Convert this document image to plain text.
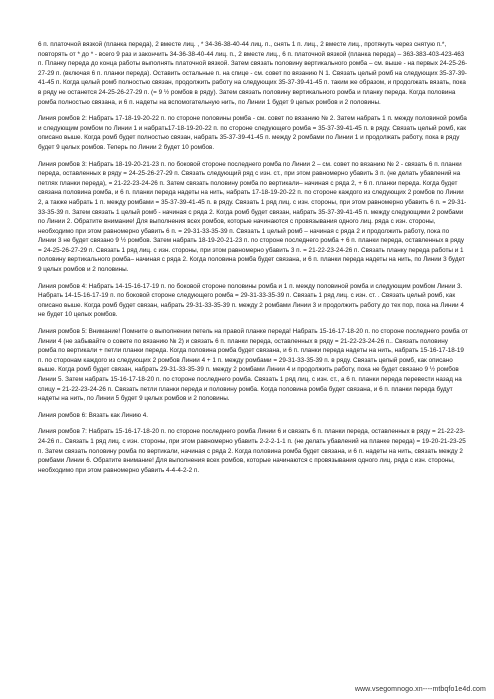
6 п. платочной вязкой (планка переда), 2 вместе лиц. , * 34-36-38-40-44 лиц. п., снять 1 п. лиц., 2 вместе лиц., протянуть через снятую п.*, повторять от * до * - всего 9 раз и закончить 34-36-38-40-44 лиц. п., 2 вместе лиц., 6 п. платочной вязкой (планка переда) – 363-383-403-423-463 п. Планку переда до конца работы выполнять платочной вязкой. Затем связать половину вертикального ромба – см. выше - на первых 24-25-26-27-29 п. (включая 6 п. планки переда). Оставить остальные п. на спице - см. совет по вязанию N 1. Связать целый ромб на следующих 35-37-39-41-45 п. Когда целый ромб полностью связан, продолжить работу на следующих 35-37-39-41-45 п. таким же образом, и продолжать вязать, пока в ряду не останется 24-25-26-27-29 п. (= 9 ½ ромбов в ряду). Затем связать половину вертикального ромба и планку переда. Когда половина ромба полностью связана, и 6 п. надеты на вспомогательную нить, по Линии 1 будет 9 целых ромбов и 2 половины.

Линия ромбов 2: Набрать 17-18-19-20-22 п. по стороне половины ромба - см. совет по вязанию № 2. Затем набрать 1 п. между половиной ромба и следующим ромбом по Линии 1 и набрать17-18-19-20-22 п. по стороне следующего ромба = 35-37-39-41-45 п. в ряду. Связать целый ромб, как описано выше. Когда ромб будет полностью связан, набрать 35-37-39-41-45 п. между 2 ромбами по Линии 1 и продолжать работу, пока в ряду будет 9 целых ромбов. Теперь по Линии 2 будет 10 ромбов.

Линия ромбов 3: Набрать 18-19-20-21-23 п. по боковой стороне последнего ромба по Линии 2 – см. совет по вязанию № 2 - связать 6 п. планки переда, оставленных в ряду = 24-25-26-27-29 п. Связать следующий ряд с изн. ст., при этом равномерно убавить 3 п. (не делать убавлений на петлях планки переда), = 21-22-23-24-26 п. Затем связать половину ромба по вертикали– начиная с ряда 2, + 6 п. планки переда. Когда будет связана половина ромба, и 6 п. планки переда надеты на нить, набрать 17-18-19-20-22 п. по стороне каждого из следующих 2 ромбов по Линии 2, а также набрать 1 п. между ромбами = 35-37-39-41-45 п. в ряду. Связать 1 ряд лиц. с изн. стороны, при этом равномерно убавить 6 п. = 29-31-33-35-39 п. Затем связать 1 целый ромб - начиная с ряда 2. Когда ромб будет связан, набрать 35-37-39-41-45 п. между следующими 2 ромбами по Линии 2. Обратите внимание! Для выполнения всех ромбов, которые начинаются с провязывания одного лиц. ряда с изн. стороны, необходимо при этом равномерно убавить 6 п. = 29-31-33-35-39 п. Связать 1 целый ромб – начиная с ряда 2 и продолжить работу, пока по Линии 3 не будет связано 9 ½ ромбов. Затем набрать 18-19-20-21-23 п. по стороне последнего ромба + 6 п. планки переда, оставленных в ряду = 24-25-26-27-29 п. Связать 1 ряд лиц. с изн. стороны, при этом равномерно убавить 3 п. = 21-22-23-24-26 п. Связать планку переда работы и 1 половину вертикального ромба– начиная с ряда 2. Когда половина ромба будет связана, и 6 п. планки переда надеты на нить, по Линии 3 будет 9 целых ромбов и 2 половины.

Линия ромбов 4: Набрать 14-15-16-17-19 п. по боковой стороне половины ромба и 1 п. между половиной ромба и следующим ромбом Линии 3. Набрать 14-15-16-17-19 п. по боковой стороне следующего ромба = 29-31-33-35-39 п. Связать 1 ряд лиц. с изн. ст. . Связать целый ромб, как описано выше. Когда ромб будет связан, набрать 29-31-33-35-39 п. между 2 ромбами Линии 3 и продолжить работу до тех пор, пока на Линии 4 не будет 10 целых ромбов.

Линия ромбов 5: Внимание! Помните о выполнении петель на правой планке переда! Набрать 15-16-17-18-20 п. по стороне последнего ромба от Линии 4 (не забывайте о совете по вязанию № 2) и связать 6 п. планки переда, оставленных в ряду = 21-22-23-24-26 п.. Связать половину ромба по вертикали + петли планки переда. Когда половина ромба будет связана, и 6 п. планки переда надеты на нить, набрать 15-16-17-18-19 п. по сторонам каждого из следующих 2 ромбов Линии 4 + 1 п. между ромбами = 29-31-33-35-39 п. в ряду. Связать целый ромб, как описано выше. Когда ромб будет связан, набрать 29-31-33-35-39 п. между 2 ромбами Линии 4 и продолжить работу, пока не будет связано 9 ½ ромбов Линии 5. Затем набрать 15-16-17-18-20 п. по стороне последнего ромба. Связать 1 ряд лиц. с изн. ст., а 6 п. планки переда перевести назад на спицу = 21-22-23-24-26 п. Связать петли планки переда и половину ромба. Когда половина ромба будет связана, и 6 п. планки переда будут надеты на нить, по Линии 5 будет 9 целых ромбов и 2 половины.

Линия ромбов 6: Вязать как Линию 4.

Линия ромбов 7: Набрать 15-16-17-18-20 п. по стороне последнего ромба Линии 6 и связать 6 п. планки переда, оставленных в ряду = 21-22-23-24-26 п.. Связать 1 ряд лиц. с изн. стороны, при этом равномерно убавить 2-2-2-1-1 п. (не делать убавлений на планке переда) = 19-20-21-23-25 п. Затем связать половину ромба по вертикали, начиная с ряда 2. Когда половина ромба будет связана, и 6 п. надеты на нить, связать между 2 ромбами Линии 6. Обратите внимание! Для выполнения всех ромбов, которые начинаются с провязывания одного лиц. ряда с изн. стороны, необходимо при этом равномерно убавить 4-4-4-2-2 п.

www.vsegomnogo.xn----mtbqfo1e4d.com
